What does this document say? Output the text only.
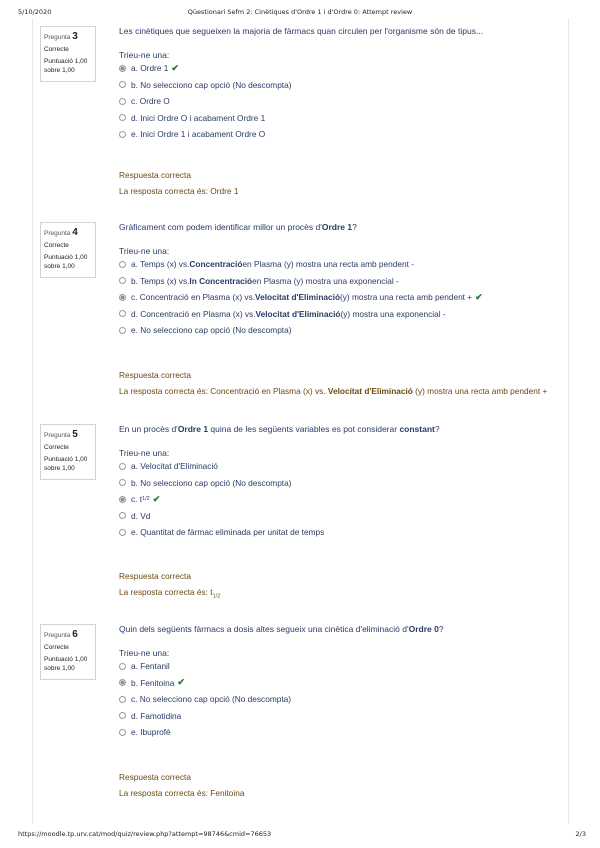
5/10/2020	Qüestionari Sefm 2: Cinètiques d'Ordre 1 i d'Ordre 0: Attempt review
Pregunta 3
Correcte
Puntuació 1,00 sobre 1,00
Les cinètiques que segueixen la majoria de fàrmacs quan circulen per l'organisme són de tipus...
Trieu-ne una:
a. Ordre 1 ✔
b. No selecciono cap opció (No descompta)
c. Ordre O
d. Inici Ordre O i acabament Ordre 1
e. Inici Ordre 1 i acabament Ordre O
Respuesta correcta
La resposta correcta és: Ordre 1
Pregunta 4
Correcte
Puntuació 1,00 sobre 1,00
Gràficament com podem identificar millor un procès d'Ordre 1?
Trieu-ne una:
a. Temps (x) vs. Concentració en Plasma (y) mostra una recta amb pendent -
b. Temps (x) vs. In Concentració en Plasma (y) mostra una exponencial -
c. Concentració en Plasma (x) vs. Velocitat d'Eliminació (y) mostra una recta amb pendent + ✔
d. Concentració en Plasma (x) vs. Velocitat d'Eliminació (y) mostra una exponencial -
e. No selecciono cap opció (No descompta)
Respuesta correcta
La resposta correcta és: Concentració en Plasma (x) vs. Velocitat d'Eliminació (y) mostra una recta amb pendent +
Pregunta 5
Correcte
Puntuació 1,00 sobre 1,00
En un procès d'Ordre 1 quina de les següents variables es pot considerar constant?
Trieu-ne una:
a. Velocitat d'Eliminació
b. No selecciono cap opció (No descompta)
c. t 1/2 ✔
d. Vd
e. Quantitat de fàrmac eliminada per unitat de temps
Respuesta correcta
La resposta correcta és: $t_{1/2}$
Pregunta 6
Correcte
Puntuació 1,00 sobre 1,00
Quin dels següents fàrmacs a dosis altes segueix una cinètica d'eliminació d'Ordre 0?
Trieu-ne una:
a. Fentanil
b. Fenitoina ✔
c. No selecciono cap opció (No descompta)
d. Famotidina
e. Ibuprofè
Respuesta correcta
La resposta correcta és: Fenitoina
https://moodle.tp.urv.cat/mod/quiz/review.php?attempt=98746&cmid=76653	2/3
